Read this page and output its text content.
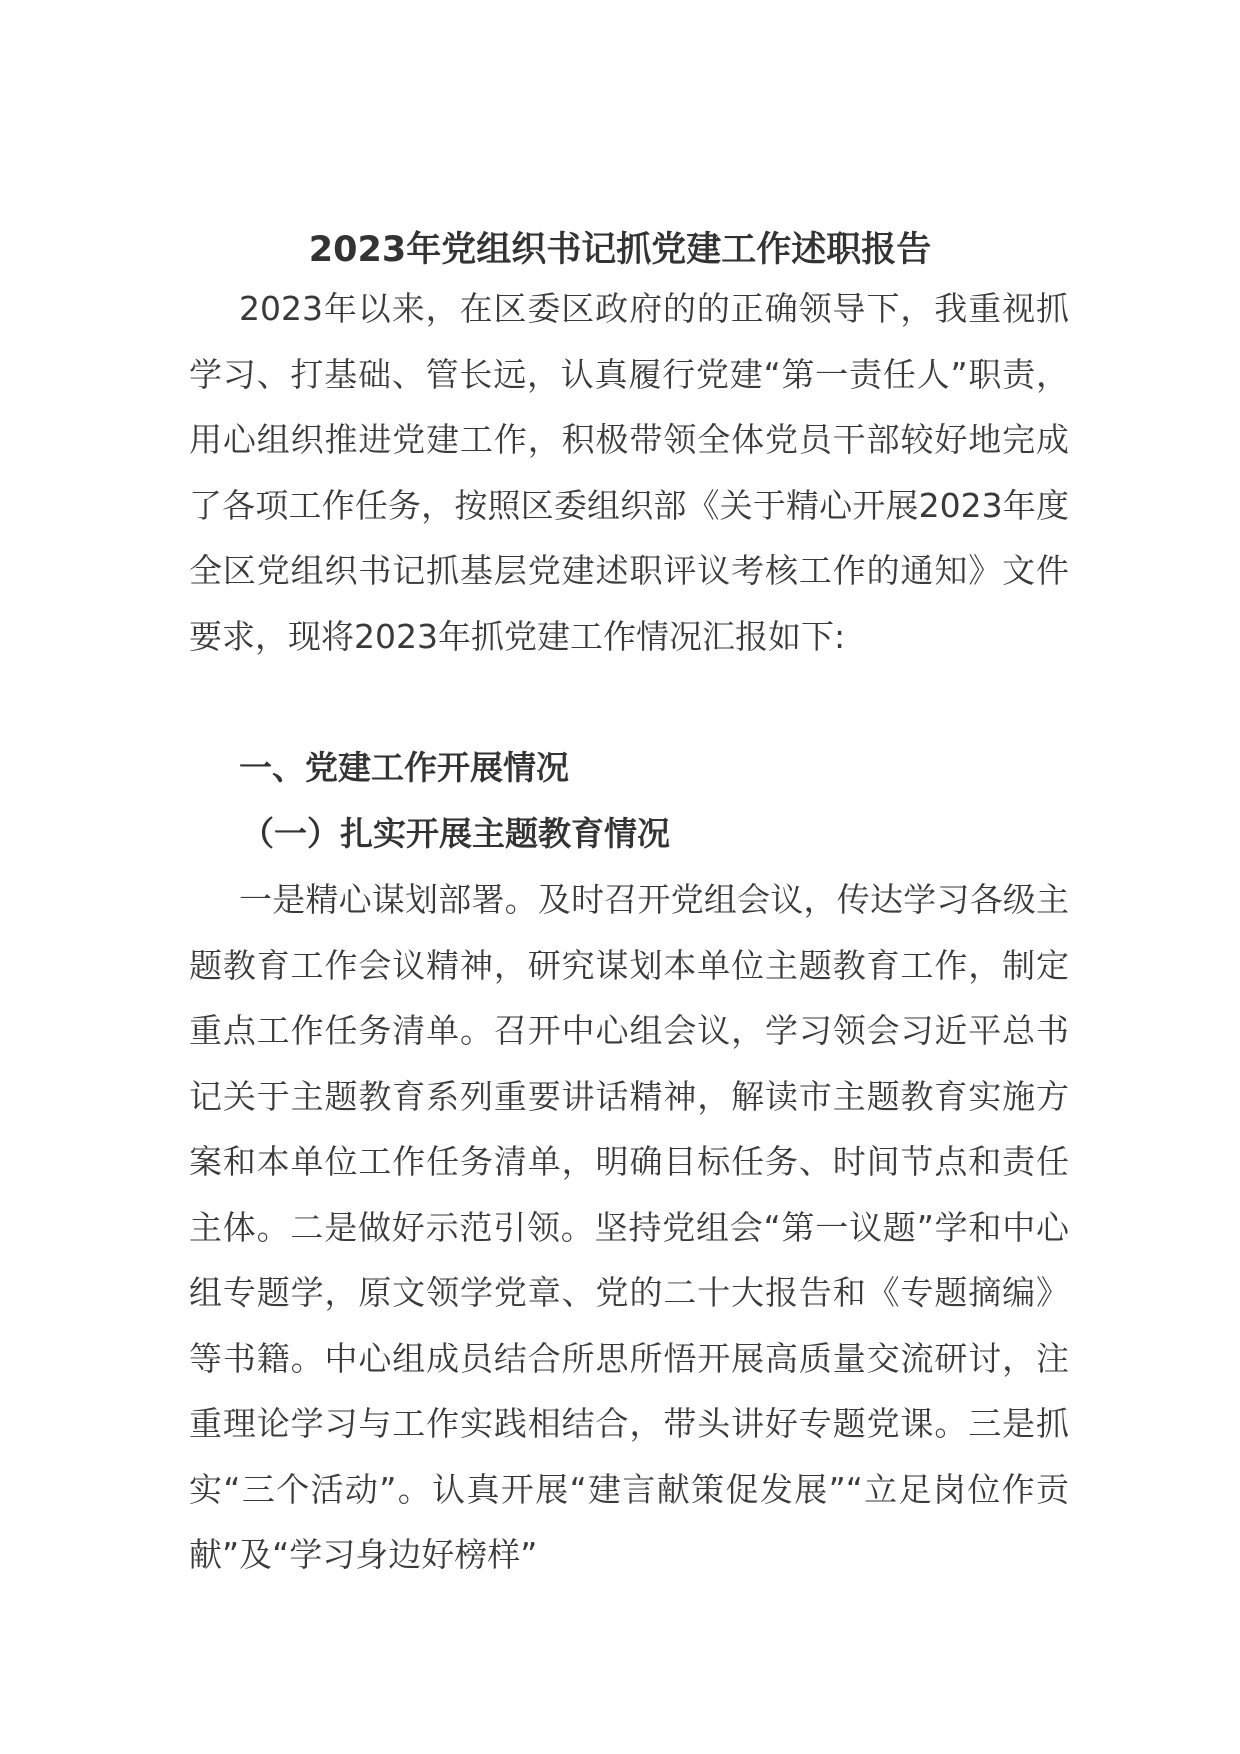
2023年党组织书记抓党建工作述职报告

2023年以来，在区委区政府的的正确领导下，我重视抓学习、打基础、管长远，认真履行党建“第一责任人”职责，用心组织推进党建工作，积极带领全体党员干部较好地完成了各项工作任务，按照区委组织部《关于精心开展2023年度全区党组织书记抓基层党建述职评议考核工作的通知》文件要求，现将2023年抓党建工作情况汇报如下:

一、党建工作开展情况
（一）扎实开展主题教育情况

一是精心谋划部署。及时召开党组会议，传达学习各级主题教育工作会议精神，研究谋划本单位主题教育工作，制定重点工作任务清单。召开中心组会议，学习领会习近平总书记关于主题教育系列重要讲话精神，解读市主题教育实施方案和本单位工作任务清单，明确目标任务、时间节点和责任主体。二是做好示范引领。坚持党组会“第一议题”学和中心组专题学，原文领学党章、党的二十大报告和《专题摘编》等书籍。中心组成员结合所思所悟开展高质量交流研讨，注重理论学习与工作实践相结合，带头讲好专题党课。三是抓实“三个活动”。认真开展“建言献策促发展”“立足岗位作贡献”及“学习身边好榜样”
